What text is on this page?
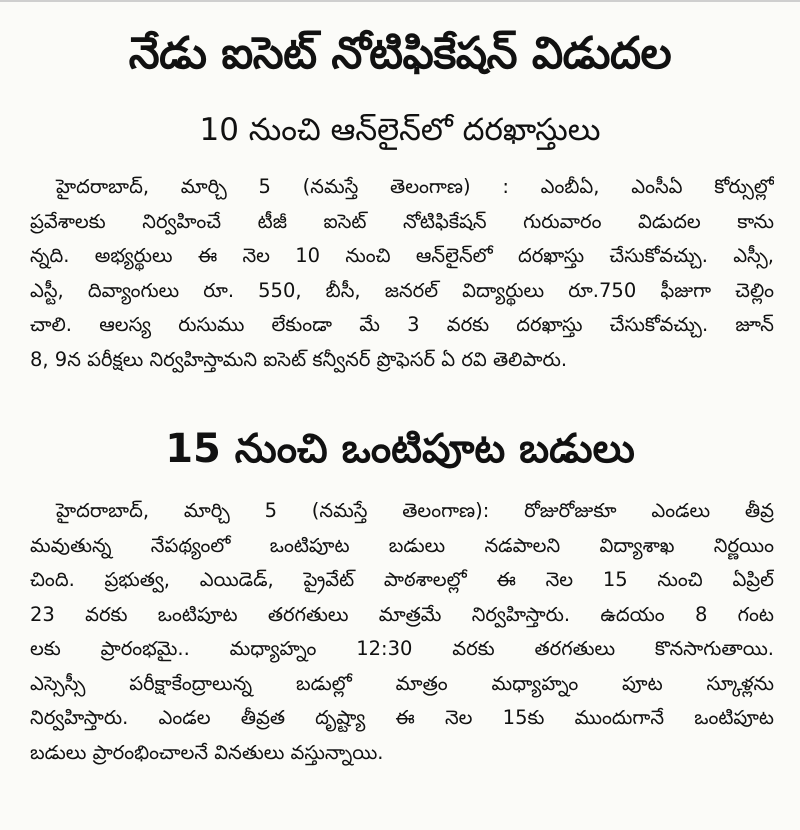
నేడు ఐసెట్ నోటిఫికేషన్ విడుదల
10 నుంచి ఆన్‌లైన్‌లో దరఖాస్తులు
హైదరాబాద్, మార్చి 5 (నమస్తే తెలంగాణ) : ఎంబీఏ, ఎంసీఏ కోర్సుల్లో
ప్రవేశాలకు నిర్వహించే టీజీ ఐసెట్ నోటిఫికేషన్ గురువారం విడుదల కాను
న్నది. అభ్యర్థులు ఈ నెల 10 నుంచి ఆన్‌లైన్‌లో దరఖాస్తు చేసుకోవచ్చు. ఎస్సీ,
ఎస్టీ, దివ్యాంగులు రూ. 550, బీసీ, జనరల్ విద్యార్థులు రూ.750 ఫీజుగా చెల్లిం
చాలి. ఆలస్య రుసుము లేకుండా మే 3 వరకు దరఖాస్తు చేసుకోవచ్చు. జూన్
8, 9న పరీక్షలు నిర్వహిస్తామని ఐసెట్ కన్వీనర్ ప్రొఫెసర్ ఏ రవి తెలిపారు.
15 నుంచి ఒంటిపూట బడులు
హైదరాబాద్, మార్చి 5 (నమస్తే తెలంగాణ): రోజురోజుకూ ఎండలు తీవ్ర
మవుతున్న నేపథ్యంలో ఒంటిపూట బడులు నడపాలని విద్యాశాఖ నిర్ణయిం
చింది. ప్రభుత్వ, ఎయిడెడ్, ప్రైవేట్ పాఠశాలల్లో ఈ నెల 15 నుంచి ఏప్రిల్
23 వరకు ఒంటిపూట తరగతులు మాత్రమే నిర్వహిస్తారు. ఉదయం 8 గంట
లకు ప్రారంభమై.. మధ్యాహ్నం 12:30 వరకు తరగతులు కొనసాగుతాయి.
ఎస్సెస్సీ పరీక్షాకేంద్రాలున్న బడుల్లో మాత్రం మధ్యాహ్నం పూట స్కూళ్లను
నిర్వహిస్తారు. ఎండల తీవ్రత దృష్ట్యా ఈ నెల 15కు ముందుగానే ఒంటిపూట
బడులు ప్రారంభించాలనే వినతులు వస్తున్నాయి.
